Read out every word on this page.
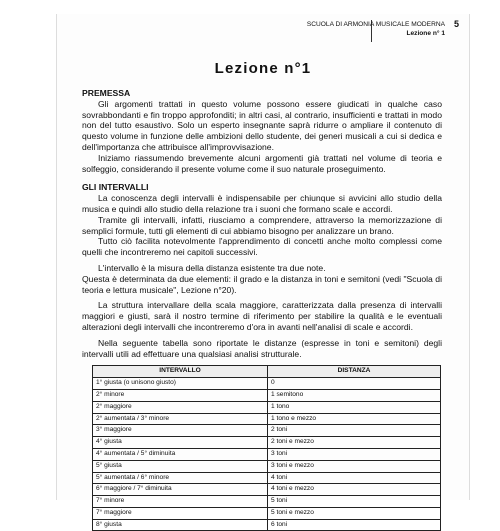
SCUOLA DI ARMONIA MUSICALE MODERNA
Lezione n° 1
5
Lezione n°1
PREMESSA

Gli argomenti trattati in questo volume possono essere giudicati in qualche caso sovrabbondanti e fin troppo approfonditi; in altri casi, al contrario, insufficienti e trattati in modo non del tutto esaustivo. Solo un esperto insegnante saprà ridurre o ampliare il contenuto di questo volume in funzione delle ambizioni dello studente, dei generi musicali a cui si dedica e dell'importanza che attribuisce all'improvvisazione.

Iniziamo riassumendo brevemente alcuni argomenti già trattati nel volume di teoria e solfeggio, considerando il presente volume come il suo naturale proseguimento.

GLI INTERVALLI

La conoscenza degli intervalli è indispensabile per chiunque si avvicini allo studio della musica e quindi allo studio della relazione tra i suoni che formano scale e accordi.

Tramite gli intervalli, infatti, riusciamo a comprendere, attraverso la memorizzazione di semplici formule, tutti gli elementi di cui abbiamo bisogno per analizzare un brano.

Tutto ciò facilita notevolmente l'apprendimento di concetti anche molto complessi come quelli che incontreremo nei capitoli successivi.

L'intervallo è la misura della distanza esistente tra due note.

Questa è determinata da due elementi: il grado e la distanza in toni e semitoni (vedi "Scuola di teoria e lettura musicale", Lezione n°20).

La struttura intervallare della scala maggiore, caratterizzata dalla presenza di intervalli maggiori e giusti, sarà il nostro termine di riferimento per stabilire la qualità e le eventuali alterazioni degli intervalli che incontreremo d'ora in avanti nell'analisi di scale e accordi.

Nella seguente tabella sono riportate le distanze (espresse in toni e semitoni) degli intervalli utili ad effettuare una qualsiasi analisi strutturale.

INTERVALLO	DISTANZA
1° giusta (o unisono giusto)	0
2° minore	1 semitono
2° maggiore	1 tono
2° aumentata / 3° minore	1 tono e mezzo
3° maggiore	2 toni
4° giusta	2 toni e mezzo
4° aumentata / 5° diminuita	3 toni
5° giusta	3 toni e mezzo
5° aumentata / 6° minore	4 toni
6° maggiore / 7° diminuita	4 toni e mezzo
7° minore	5 toni
7° maggiore	5 toni e mezzo
8° giusta	6 toni
